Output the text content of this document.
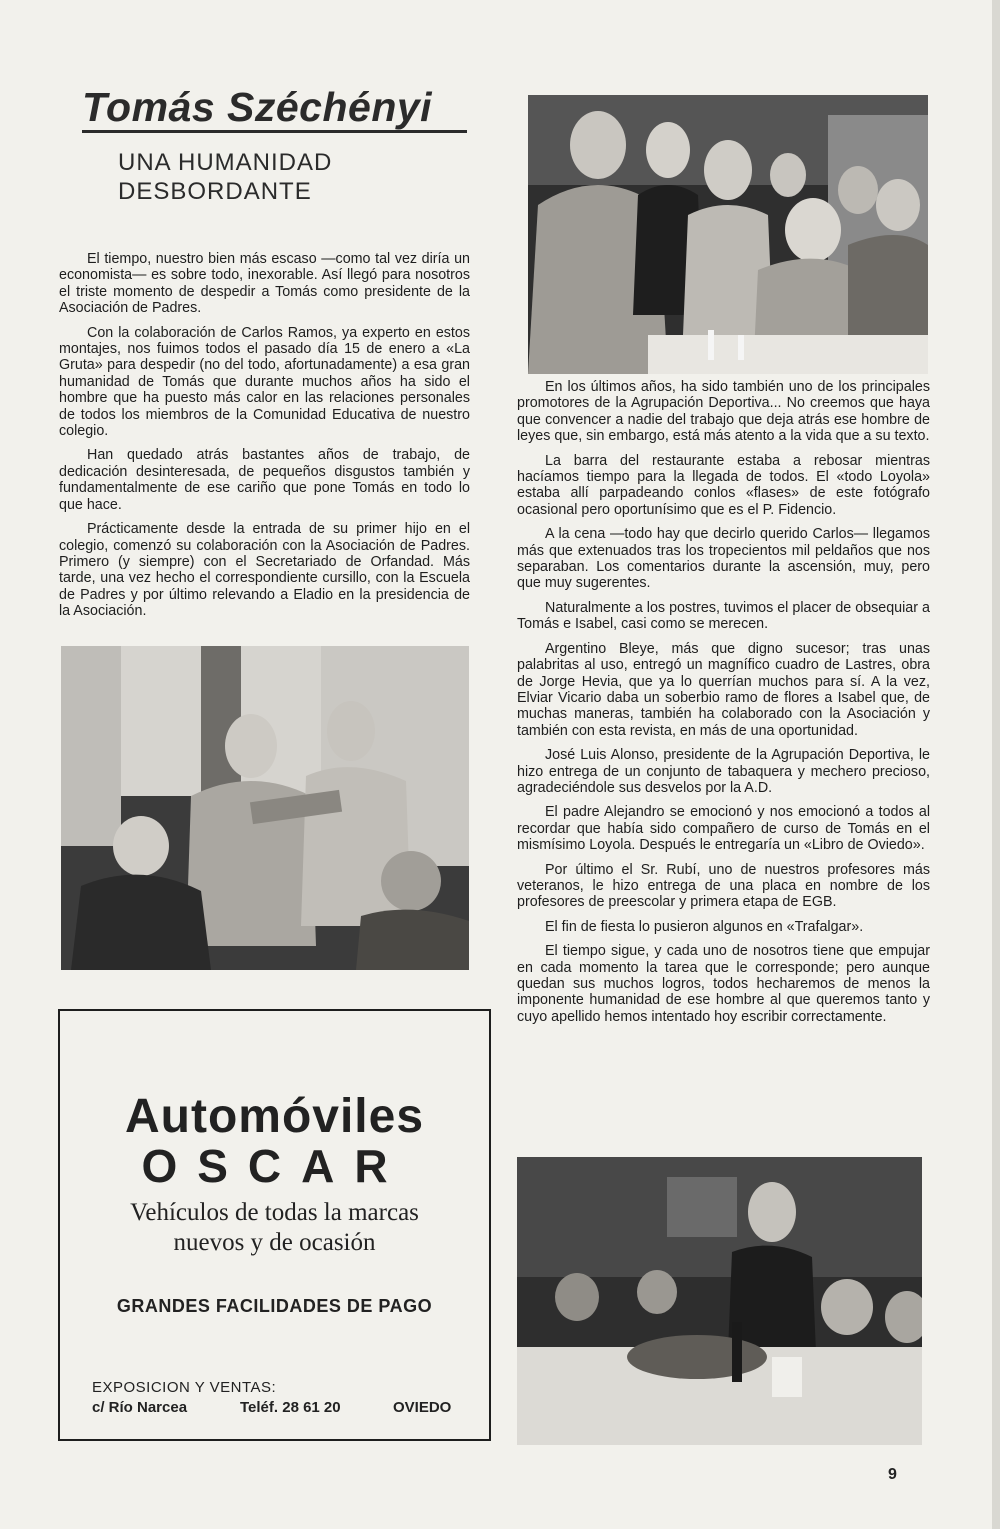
Tomás Széchényi
UNA HUMANIDAD
DESBORDANTE

El tiempo, nuestro bien más escaso —como tal vez diría un economista— es sobre todo, inexorable. Así llegó para nosotros el triste momento de despedir a Tomás como presidente de la Asociación de Padres.

Con la colaboración de Carlos Ramos, ya experto en estos montajes, nos fuimos todos el pasado día 15 de enero a «La Gruta» para despedir (no del todo, afortunadamente) a esa gran humanidad de Tomás que durante muchos años ha sido el hombre que ha puesto más calor en las relaciones personales de todos los miembros de la Comunidad Educativa de nuestro colegio.

Han quedado atrás bastantes años de trabajo, de dedicación desinteresada, de pequeños disgustos también y fundamentalmente de ese cariño que pone Tomás en todo lo que hace.

Prácticamente desde la entrada de su primer hijo en el colegio, comenzó su colaboración con la Asociación de Padres. Primero (y siempre) con el Secretariado de Orfandad. Más tarde, una vez hecho el correspondiente cursillo, con la Escuela de Padres y por último relevando a Eladio en la presidencia de la Asociación.

En los últimos años, ha sido también uno de los principales promotores de la Agrupación Deportiva... No creemos que haya que convencer a nadie del trabajo que deja atrás ese hombre de leyes que, sin embargo, está más atento a la vida que a su texto.

La barra del restaurante estaba a rebosar mientras hacíamos tiempo para la llegada de todos. El «todo Loyola» estaba allí parpadeando conlos «flases» de este fotógrafo ocasional pero oportunísimo que es el P. Fidencio.

A la cena —todo hay que decirlo querido Carlos— llegamos más que extenuados tras los tropecientos mil peldaños que nos separaban. Los comentarios durante la ascensión, muy, pero que muy sugerentes.

Naturalmente a los postres, tuvimos el placer de obsequiar a Tomás e Isabel, casi como se merecen.

Argentino Bleye, más que digno sucesor; tras unas palabritas al uso, entregó un magnífico cuadro de Lastres, obra de Jorge Hevia, que ya lo querrían muchos para sí. A la vez, Elviar Vicario daba un soberbio ramo de flores a Isabel que, de muchas maneras, también ha colaborado con la Asociación y también con esta revista, en más de una oportunidad.

José Luis Alonso, presidente de la Agrupación Deportiva, le hizo entrega de un conjunto de tabaquera y mechero precioso, agradeciéndole sus desvelos por la A.D.

El padre Alejandro se emocionó y nos emocionó a todos al recordar que había sido compañero de curso de Tomás en el mismísimo Loyola. Después le entregaría un «Libro de Oviedo».

Por último el Sr. Rubí, uno de nuestros profesores más veteranos, le hizo entrega de una placa en nombre de los profesores de preescolar y primera etapa de EGB.

El fin de fiesta lo pusieron algunos en «Trafalgar».

El tiempo sigue, y cada uno de nosotros tiene que empujar en cada momento la tarea que le corresponde; pero aunque quedan sus muchos logros, todos hecharemos de menos la imponente humanidad de ese hombre al que queremos tanto y cuyo apellido hemos intentado hoy escribir correctamente.

Automóviles
OSCAR
Vehículos de todas la marcas
nuevos y de ocasión
GRANDES FACILIDADES DE PAGO
EXPOSICION Y VENTAS:
c/ Río Narcea	Teléf. 28 61 20	OVIEDO
9
